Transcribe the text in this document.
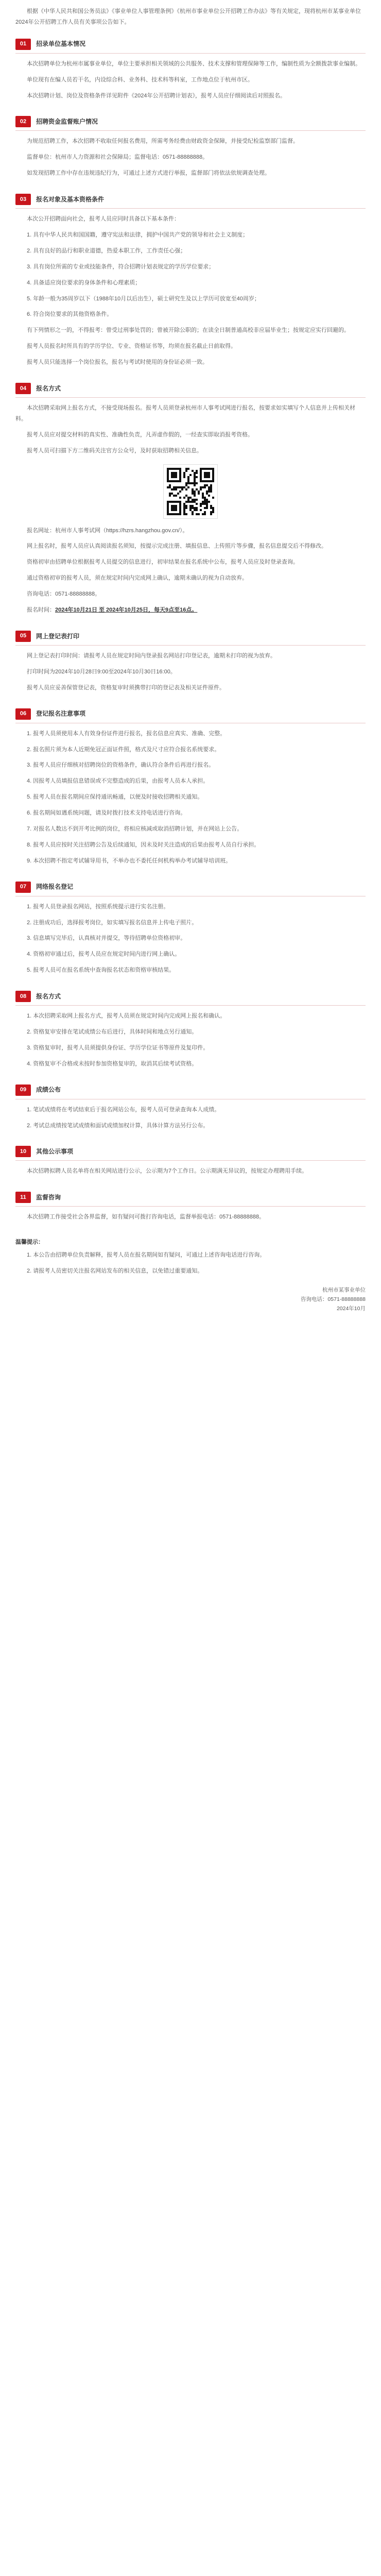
根据《中华人民共和国公务员法》《事业单位人事管理条例》《杭州市事业单位公开招聘工作办法》等有关规定，现将杭州市某事业单位2024年公开招聘工作人员有关事项公告如下。
01	招录单位基本情况
本次招聘单位为杭州市属事业单位，单位主要承担相关领域的公共服务、技术支撑和管理保障等工作，编制性质为全额拨款事业编制。
单位现有在编人员若干名，内设综合科、业务科、技术科等科室，工作地点位于杭州市区。
本次招聘计划、岗位及资格条件详见附件《2024年公开招聘计划表》，报考人员应仔细阅读后对照报名。
02	招聘资金监督账户情况
为规范招聘工作，本次招聘不收取任何报名费用，所需考务经费由财政资金保障，并接受纪检监察部门监督。
监督单位：杭州市人力资源和社会保障局；监督电话：0571-88888888。
如发现招聘工作中存在违规违纪行为，可通过上述方式进行举报，监督部门将依法依规调查处理。
03	报名对象及基本资格条件
本次公开招聘面向社会，报考人员应同时具备以下基本条件：
1. 具有中华人民共和国国籍，遵守宪法和法律，拥护中国共产党的领导和社会主义制度；
2. 具有良好的品行和职业道德，热爱本职工作，工作责任心强；
3. 具有岗位所需的专业或技能条件，符合招聘计划表规定的学历学位要求；
4. 具备适应岗位要求的身体条件和心理素质；
5. 年龄一般为35周岁以下（1988年10月以后出生），硕士研究生及以上学历可放宽至40周岁；
6. 符合岗位要求的其他资格条件。
有下列情形之一的，不得报考：曾受过刑事处罚的；曾被开除公职的；在读全日制普通高校非应届毕业生；按规定应实行回避的。
报考人员报名时所具有的学历学位、专业、资格证书等，均须在报名截止日前取得。
报考人员只能选择一个岗位报名，报名与考试时使用的身份证必须一致。
04	报名方式
本次招聘采取网上报名方式，不接受现场报名。报考人员须登录杭州市人事考试网进行报名，按要求如实填写个人信息并上传相关材料。
报考人员应对提交材料的真实性、准确性负责，凡弄虚作假的，一经查实即取消报考资格。
报考人员可扫描下方二维码关注官方公众号，及时获取招聘相关信息。
报名网址：杭州市人事考试网（https://hzrs.hangzhou.gov.cn/）。
网上报名时，报考人员应认真阅读报名须知，按提示完成注册、填报信息、上传照片等步骤，报名信息提交后不得修改。
资格初审由招聘单位根据报考人员提交的信息进行，初审结果在报名系统中公布，报考人员应及时登录查询。
通过资格初审的报考人员，须在规定时间内完成网上确认，逾期未确认的视为自动放弃。
咨询电话：0571-88888888。
报名时间：2024年10月21日 至 2024年10月25日，每天9点至16点。
05	网上登记表打印
网上登记表打印时间：请报考人员在规定时间内登录报名网站打印登记表，逾期未打印的视为放弃。
打印时间为2024年10月28日9:00至2024年10月30日16:00。
报考人员应妥善保管登记表，资格复审时须携带打印的登记表及相关证件原件。
06	登记报名注意事项
1. 报考人员须使用本人有效身份证件进行报名，报名信息应真实、准确、完整。
2. 报名照片须为本人近期免冠正面证件照，格式及尺寸应符合报名系统要求。
3. 报考人员应仔细核对招聘岗位的资格条件，确认符合条件后再进行报名。
4. 因报考人员填报信息错误或不完整造成的后果，由报考人员本人承担。
5. 报考人员在报名期间应保持通讯畅通，以便及时接收招聘相关通知。
6. 报名期间如遇系统问题，请及时拨打技术支持电话进行咨询。
7. 对报名人数达不到开考比例的岗位，将相应核减或取消招聘计划，并在网站上公告。
8. 报考人员应按时关注招聘公告及后续通知，因未及时关注造成的后果由报考人员自行承担。
9. 本次招聘不指定考试辅导用书，不举办也不委托任何机构举办考试辅导培训班。
07	网络报名登记
1. 报考人员登录报名网站，按照系统提示进行实名注册。
2. 注册成功后，选择报考岗位，如实填写报名信息并上传电子照片。
3. 信息填写完毕后，认真核对并提交，等待招聘单位资格初审。
4. 资格初审通过后，报考人员应在规定时间内进行网上确认。
5. 报考人员可在报名系统中查询报名状态和资格审核结果。
08	报名方式
1. 本次招聘采取网上报名方式，报考人员须在规定时间内完成网上报名和确认。
2. 资格复审安排在笔试成绩公布后进行，具体时间和地点另行通知。
3. 资格复审时，报考人员须提供身份证、学历学位证书等原件及复印件。
4. 资格复审不合格或未按时参加资格复审的，取消其后续考试资格。
09	成绩公布
1. 笔试成绩将在考试结束后于报名网站公布，报考人员可登录查询本人成绩。
2. 考试总成绩按笔试成绩和面试成绩加权计算，具体计算方法另行公布。
10	其他公示事项
本次招聘拟聘人员名单将在相关网站进行公示，公示期为7个工作日。公示期满无异议的，按规定办理聘用手续。
11	监督咨询
本次招聘工作接受社会各界监督，如有疑问可拨打咨询电话，监督举报电话：0571-88888888。
温馨提示：
1. 本公告由招聘单位负责解释，报考人员在报名期间如有疑问，可通过上述咨询电话进行咨询。
2. 请报考人员密切关注报名网站发布的相关信息，以免错过重要通知。
杭州市某事业单位
咨询电话：0571-88888888
2024年10月
